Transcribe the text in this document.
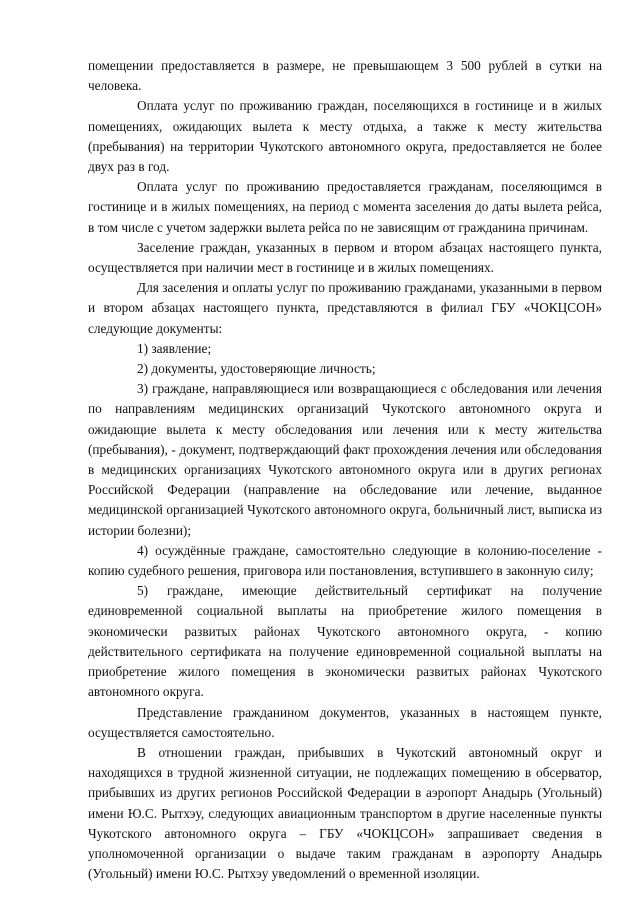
помещении предоставляется в размере, не превышающем 3 500 рублей в сутки на человека.

Оплата услуг по проживанию граждан, поселяющихся в гостинице и в жилых помещениях, ожидающих вылета к месту отдыха, а также к месту жительства (пребывания) на территории Чукотского автономного округа, предоставляется не более двух раз в год.

Оплата услуг по проживанию предоставляется гражданам, поселяющимся в гостинице и в жилых помещениях, на период с момента заселения до даты вылета рейса, в том числе с учетом задержки вылета рейса по не зависящим от гражданина причинам.

Заселение граждан, указанных в первом и втором абзацах настоящего пункта, осуществляется при наличии мест в гостинице и в жилых помещениях.

Для заселения и оплаты услуг по проживанию гражданами, указанными в первом и втором абзацах настоящего пункта, представляются в филиал ГБУ «ЧОКЦСОН» следующие документы:

1) заявление;

2) документы, удостоверяющие личность;

3) граждане, направляющиеся или возвращающиеся с обследования или лечения по направлениям медицинских организаций Чукотского автономного округа и ожидающие вылета к месту обследования или лечения или к месту жительства (пребывания), - документ, подтверждающий факт прохождения лечения или обследования в медицинских организациях Чукотского автономного округа или в других регионах Российской Федерации (направление на обследование или лечение, выданное медицинской организацией Чукотского автономного округа, больничный лист, выписка из истории болезни);

4) осуждённые граждане, самостоятельно следующие в колонию-поселение - копию судебного решения, приговора или постановления, вступившего в законную силу;

5) граждане, имеющие действительный сертификат на получение единовременной социальной выплаты на приобретение жилого помещения в экономически развитых районах Чукотского автономного округа, - копию действительного сертификата на получение единовременной социальной выплаты на приобретение жилого помещения в экономически развитых районах Чукотского автономного округа.

Представление гражданином документов, указанных в настоящем пункте, осуществляется самостоятельно.

В отношении граждан, прибывших в Чукотский автономный округ и находящихся в трудной жизненной ситуации, не подлежащих помещению в обсерватор, прибывших из других регионов Российской Федерации в аэропорт Анадырь (Угольный) имени Ю.С. Рытхэу, следующих авиационным транспортом в другие населенные пункты Чукотского автономного округа – ГБУ «ЧОКЦСОН» запрашивает сведения в уполномоченной организации о выдаче таким гражданам в аэропорту Анадырь (Угольный) имени Ю.С. Рытхэу уведомлений о временной изоляции.
